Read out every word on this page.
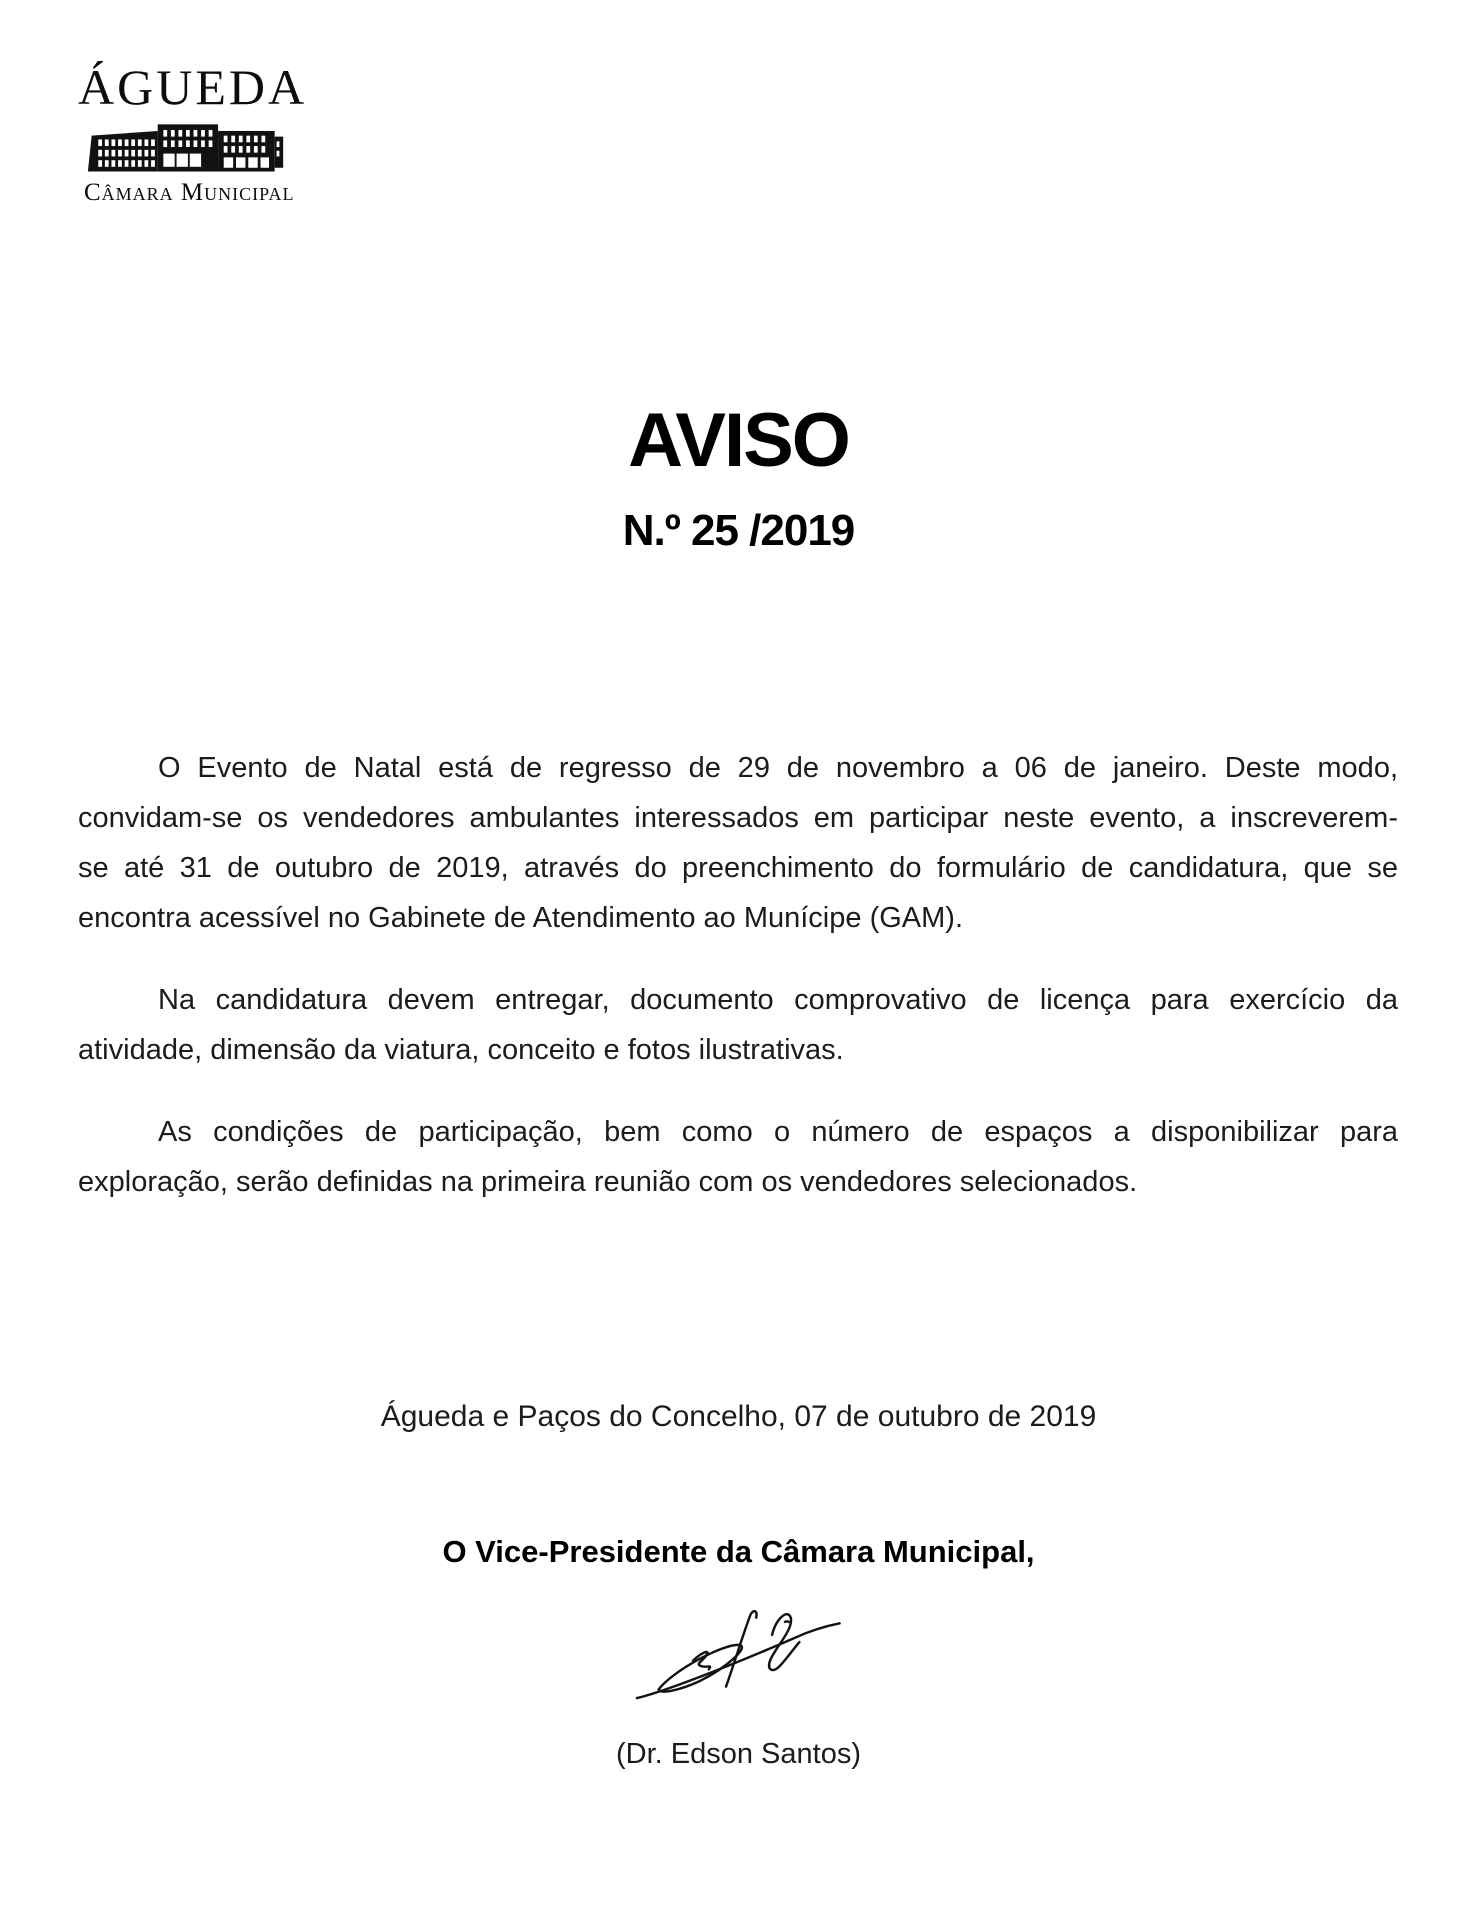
ÁGUEDA
Câmara Municipal
AVISO
N.º 25 /2019
O Evento de Natal está de regresso de 29 de novembro a 06 de janeiro. Deste modo,
convidam-se os vendedores ambulantes interessados em participar neste evento, a inscreverem-
se até 31 de outubro de 2019, através do preenchimento do formulário de candidatura, que se
encontra acessível no Gabinete de Atendimento ao Munícipe (GAM).
Na candidatura devem entregar, documento comprovativo de licença para exercício da
atividade, dimensão da viatura, conceito e fotos ilustrativas.
As condições de participação, bem como o número de espaços a disponibilizar para
exploração, serão definidas na primeira reunião com os vendedores selecionados.
Águeda e Paços do Concelho, 07 de outubro de 2019
O Vice-Presidente da Câmara Municipal,
(Dr. Edson Santos)
